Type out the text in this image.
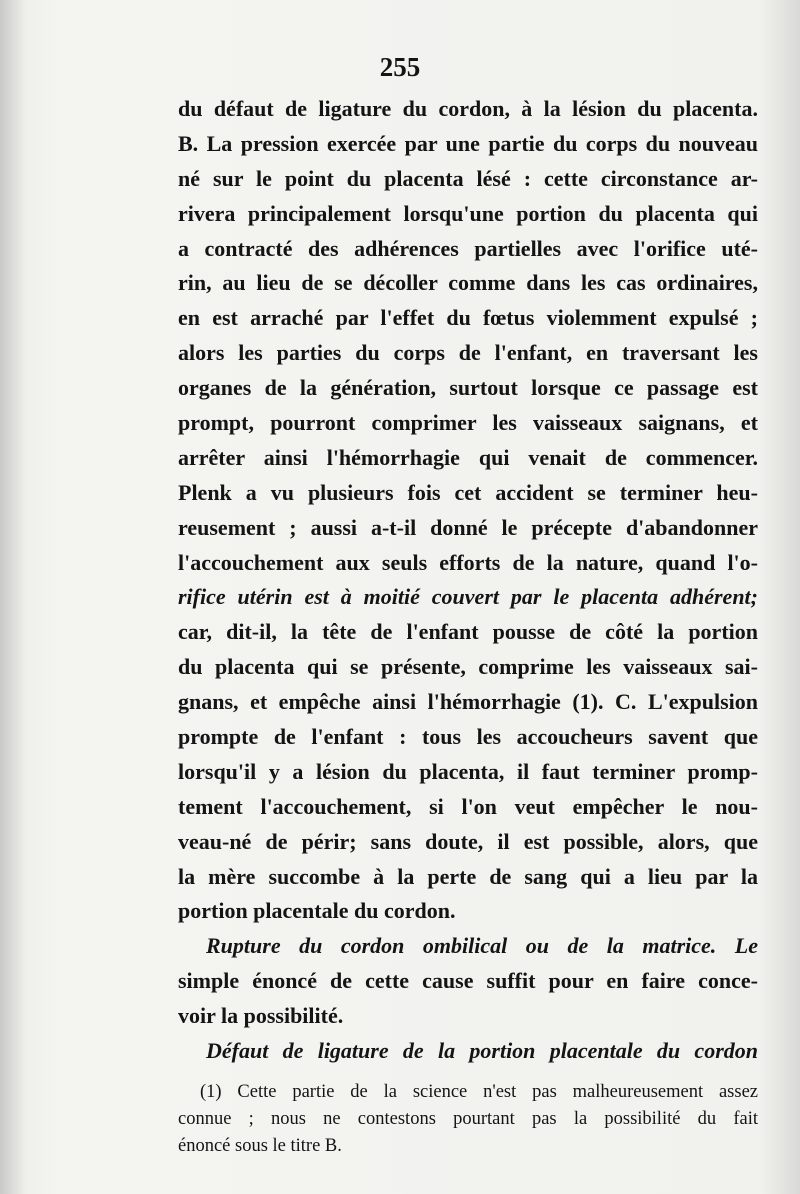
255
du défaut de ligature du cordon, à la lésion du placenta.
B. La pression exercée par une partie du corps du nouveau
né sur le point du placenta lésé : cette circonstance ar-
rivera principalement lorsqu'une portion du placenta qui
a contracté des adhérences partielles avec l'orifice uté-
rin, au lieu de se décoller comme dans les cas ordinaires,
en est arraché par l'effet du fœtus violemment expulsé ;
alors les parties du corps de l'enfant, en traversant les
organes de la génération, surtout lorsque ce passage est
prompt, pourront comprimer les vaisseaux saignans, et
arrêter ainsi l'hémorrhagie qui venait de commencer.
Plenk a vu plusieurs fois cet accident se terminer heu-
reusement ; aussi a-t-il donné le précepte d'abandonner
l'accouchement aux seuls efforts de la nature, quand l'o-
rifice utérin est à moitié couvert par le placenta adhérent;
car, dit-il, la tête de l'enfant pousse de côté la portion
du placenta qui se présente, comprime les vaisseaux sai-
gnans, et empêche ainsi l'hémorrhagie (1). C. L'expulsion
prompte de l'enfant : tous les accoucheurs savent que
lorsqu'il y a lésion du placenta, il faut terminer promp-
tement l'accouchement, si l'on veut empêcher le nou-
veau-né de périr; sans doute, il est possible, alors, que
la mère succombe à la perte de sang qui a lieu par la
portion placentale du cordon.
Rupture du cordon ombilical ou de la matrice. Le
simple énoncé de cette cause suffit pour en faire conce-
voir la possibilité.
Défaut de ligature de la portion placentale du cordon
(1) Cette partie de la science n'est pas malheureusement assez
connue ; nous ne contestons pourtant pas la possibilité du fait
énoncé sous le titre B.
